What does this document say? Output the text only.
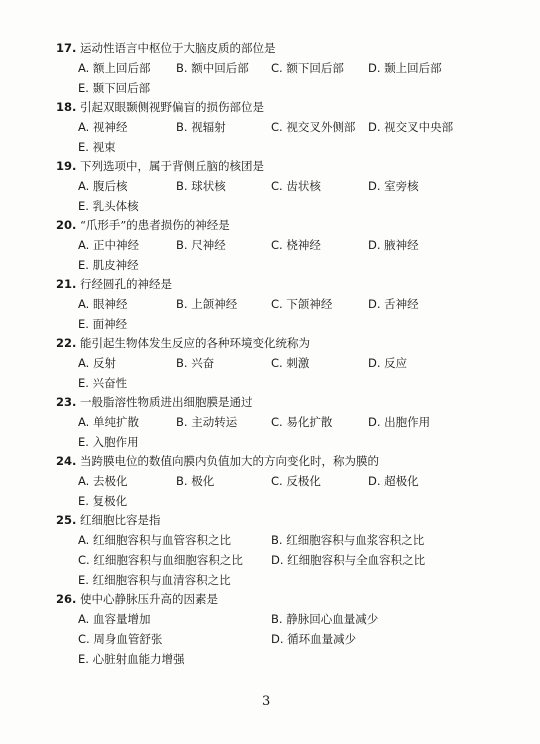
17. 运动性语言中枢位于大脑皮质的部位是
A. 额上回后部 B. 额中回后部 C. 额下回后部 D. 颞上回后部
E. 颞下回后部
18. 引起双眼颞侧视野偏盲的损伤部位是
A. 视神经	B. 视辐射	C. 视交叉外侧部 D. 视交叉中央部
E. 视束
19. 下列选项中，属于背侧丘脑的核团是
A. 腹后核	B. 球状核	C. 齿状核	D. 室旁核
E. 乳头体核
20. “爪形手”的患者损伤的神经是
A. 正中神经	B. 尺神经	C. 桡神经	D. 腋神经
E. 肌皮神经
21. 行经圆孔的神经是
A. 眼神经	B. 上颌神经	C. 下颌神经	D. 舌神经
E. 面神经
22. 能引起生物体发生反应的各种环境变化统称为
A. 反射	B. 兴奋	C. 刺激	D. 反应
E. 兴奋性
23. 一般脂溶性物质进出细胞膜是通过
A. 单纯扩散	B. 主动转运	C. 易化扩散	D. 出胞作用
E. 入胞作用
24. 当跨膜电位的数值向膜内负值加大的方向变化时，称为膜的
A. 去极化	B. 极化	C. 反极化	D. 超极化
E. 复极化
25. 红细胞比容是指
A. 红细胞容积与血管容积之比	B. 红细胞容积与血浆容积之比
C. 红细胞容积与血细胞容积之比 D. 红细胞容积与全血容积之比
E. 红细胞容积与血清容积之比
26. 使中心静脉压升高的因素是
A. 血容量增加	B. 静脉回心血量减少
C. 周身血管舒张	D. 循环血量减少
E. 心脏射血能力增强
3
